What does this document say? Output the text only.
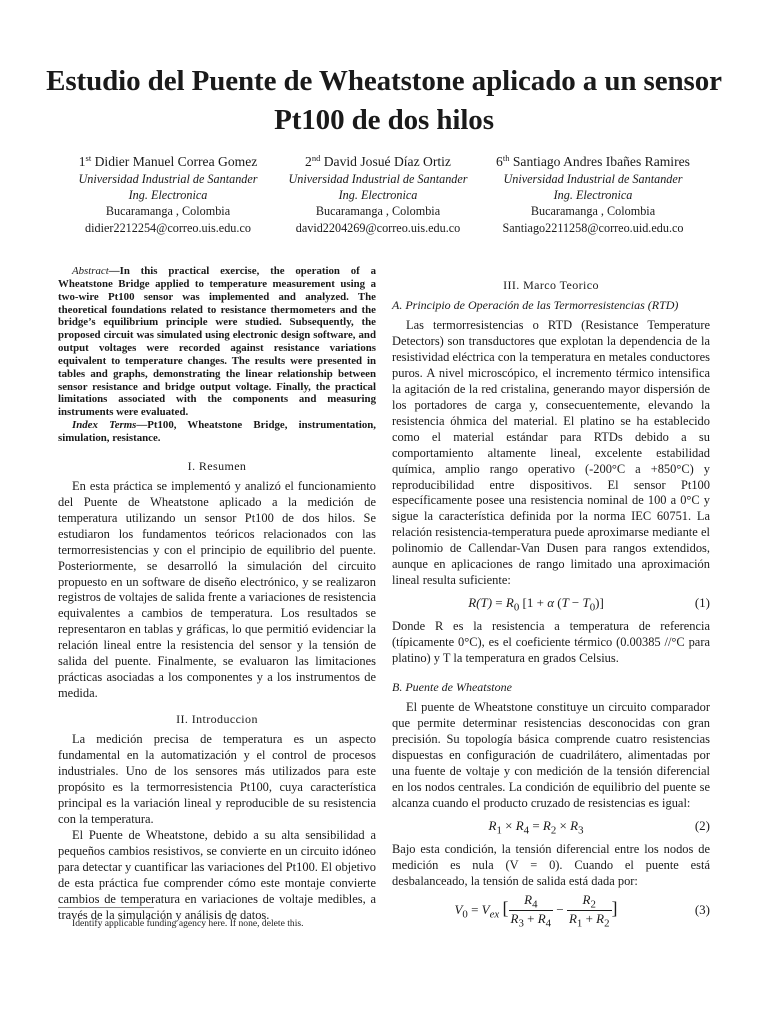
Estudio del Puente de Wheatstone aplicado a un sensor Pt100 de dos hilos
1st Didier Manuel Correa Gomez
Universidad Industrial de Santander
Ing. Electronica
Bucaramanga , Colombia
didier2212254@correo.uis.edu.co
2nd David Josué Díaz Ortiz
Universidad Industrial de Santander
Ing. Electronica
Bucaramanga , Colombia
david2204269@correo.uis.edu.co
6th Santiago Andres Ibañes Ramires
Universidad Industrial de Santander
Ing. Electronica
Bucaramanga , Colombia
Santiago2211258@correo.uid.edu.co

Abstract—In this practical exercise, the operation of a Wheatstone Bridge applied to temperature measurement using a two-wire Pt100 sensor was implemented and analyzed. The theoretical foundations related to resistance thermometers and the bridge’s equilibrium principle were studied. Subsequently, the proposed circuit was simulated using electronic design software, and output voltages were recorded against resistance variations equivalent to temperature changes. The results were presented in tables and graphs, demonstrating the linear relationship between sensor resistance and bridge output voltage. Finally, the practical limitations associated with the components and measuring instruments were evaluated.

Index Terms—Pt100, Wheatstone Bridge, instrumentation, simulation, resistance.

I. Resumen

En esta práctica se implementó y analizó el funcionamiento del Puente de Wheatstone aplicado a la medición de temperatura utilizando un sensor Pt100 de dos hilos. Se estudiaron los fundamentos teóricos relacionados con las termorresistencias y con el principio de equilibrio del puente. Posteriormente, se desarrolló la simulación del circuito propuesto en un software de diseño electrónico, y se realizaron registros de voltajes de salida frente a variaciones de resistencia equivalentes a cambios de temperatura. Los resultados se representaron en tablas y gráficas, lo que permitió evidenciar la relación lineal entre la resistencia del sensor y la tensión de salida del puente. Finalmente, se evaluaron las limitaciones prácticas asociadas a los componentes y a los instrumentos de medida.

II. Introduccion

La medición precisa de temperatura es un aspecto fundamental en la automatización y el control de procesos industriales. Uno de los sensores más utilizados para este propósito es la termorresistencia Pt100, cuya característica principal es la variación lineal y reproducible de su resistencia con la temperatura.

El Puente de Wheatstone, debido a su alta sensibilidad a pequeños cambios resistivos, se convierte en un circuito idóneo para detectar y cuantificar las variaciones del Pt100. El objetivo de esta práctica fue comprender cómo este montaje convierte cambios de temperatura en variaciones de voltaje medibles, a través de la simulación y análisis de datos.

Identify applicable funding agency here. If none, delete this.
III. Marco Teorico
A. Principio de Operación de las Termorresistencias (RTD)

Las termorresistencias o RTD (Resistance Temperature Detectors) son transductores que explotan la dependencia de la resistividad eléctrica con la temperatura en metales conductores puros. A nivel microscópico, el incremento térmico intensifica la agitación de la red cristalina, generando mayor dispersión de los portadores de carga y, consecuentemente, elevando la resistencia óhmica del material. El platino se ha establecido como el material estándar para RTDs debido a su comportamiento altamente lineal, excelente estabilidad química, amplio rango operativo (-200°C a +850°C) y reproducibilidad entre dispositivos. El sensor Pt100 específicamente posee una resistencia nominal de 100 a 0°C y sigue la característica definida por la norma IEC 60751. La relación resistencia-temperatura puede aproximarse mediante el polinomio de Callendar-Van Dusen para rangos extendidos, aunque en aplicaciones de rango limitado una aproximación lineal resulta suficiente:

$R(T) = R_0$ [1 + α $(T - T_0)$]	(1)

Donde R es la resistencia a temperatura de referencia (típicamente 0°C), es el coeficiente térmico (0.00385 //°C para platino) y T la temperatura en grados Celsius.

B. Puente de Wheatstone

El puente de Wheatstone constituye un circuito comparador que permite determinar resistencias desconocidas con gran precisión. Su topología básica comprende cuatro resistencias dispuestas en configuración de cuadrilátero, alimentadas por una fuente de voltaje y con medición de la tensión diferencial en los nodos centrales. La condición de equilibrio del puente se alcanza cuando el producto cruzado de resistencias es igual:

$R_1 \times R_4 = R_2 \times R_3$	(2)

Bajo esta condición, la tensión diferencial entre los nodos de medición es nula (V = 0). Cuando el puente está desbalanceado, la tensión de salida está dada por:

$V_0 = V_{ex}$ [ $\frac{R_4}{R_3 + R_4} - \frac{R_2}{R_1 + R_2}$ ]	(3)
